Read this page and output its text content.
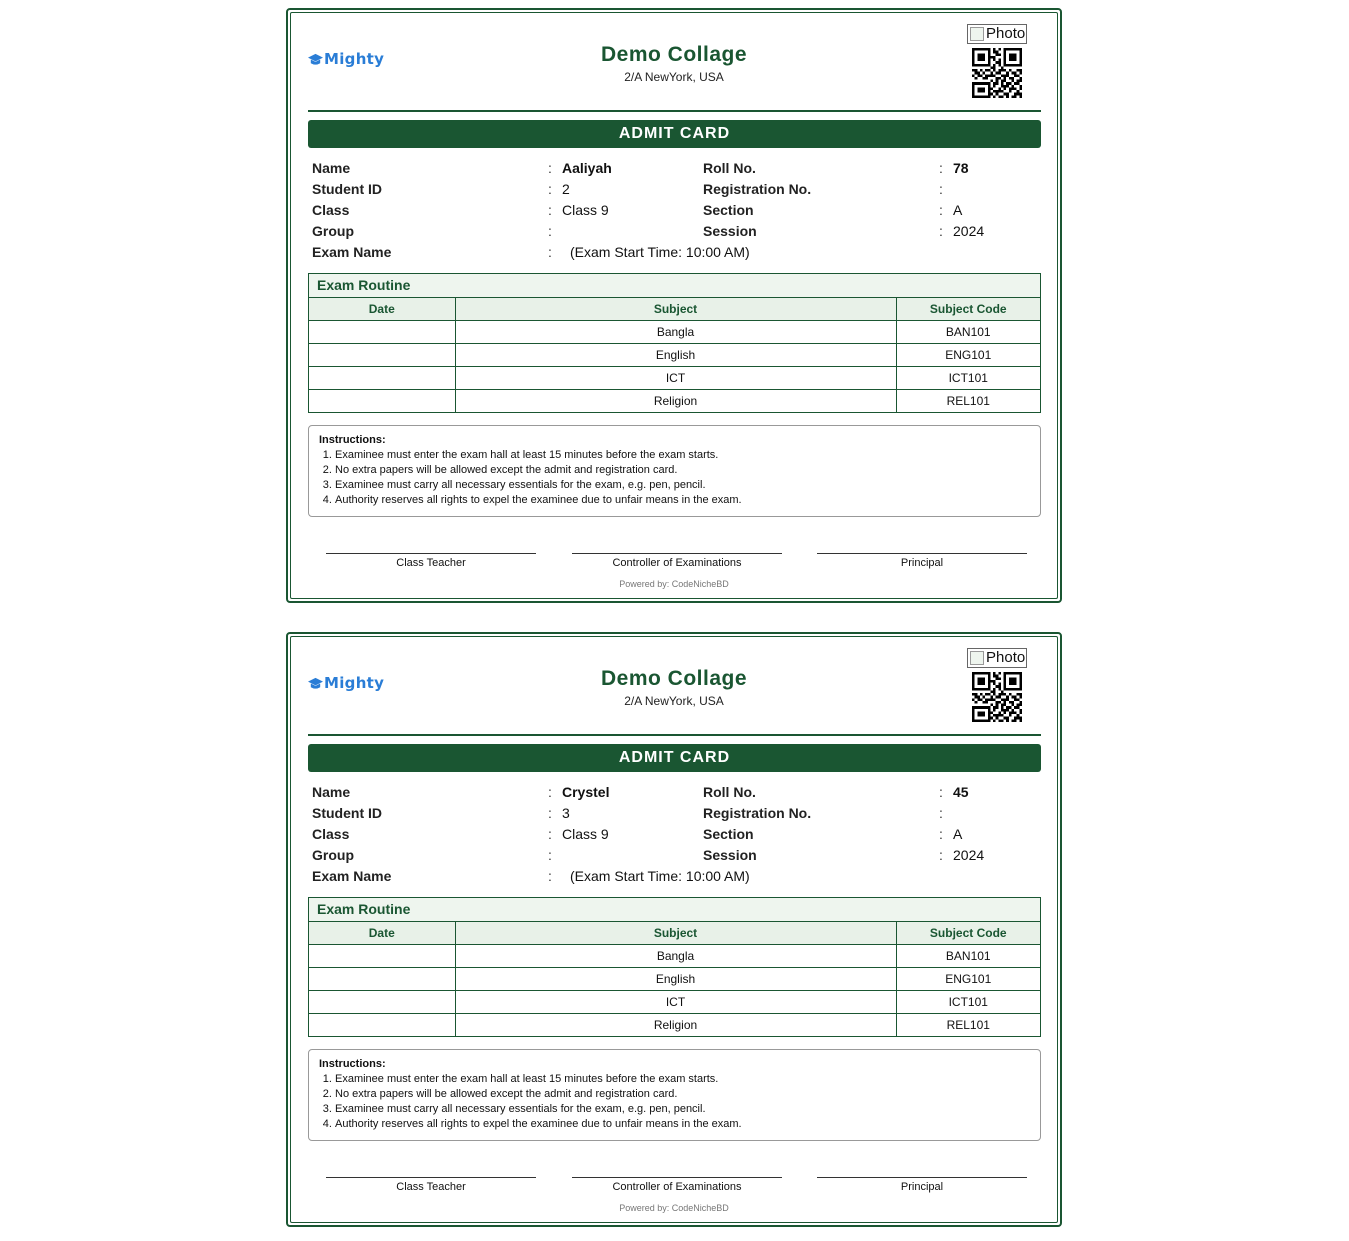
Mighty	Demo Collage
2/A NewYork, USA
Photo
ADMIT CARD
Name	: Aaliyah	Roll No.	: 78
Student ID	: 2	Registration No.	:
Class	: Class 9	Section	: A
Group	:	Session	: 2024
Exam Name	: (Exam Start Time: 10:00 AM)
Exam Routine
Date	Subject	Subject Code
	Bangla	BAN101
	English	ENG101
	ICT	ICT101
	Religion	REL101
Instructions:
1. Examinee must enter the exam hall at least 15 minutes before the exam starts.
2. No extra papers will be allowed except the admit and registration card.
3. Examinee must carry all necessary essentials for the exam, e.g. pen, pencil.
4. Authority reserves all rights to expel the examinee due to unfair means in the exam.
Class Teacher	Controller of Examinations	Principal
Powered by: CodeNicheBD
Mighty	Demo Collage
2/A NewYork, USA
Photo
ADMIT CARD
Name	: Crystel	Roll No.	: 45
Student ID	: 3	Registration No.	:
Class	: Class 9	Section	: A
Group	:	Session	: 2024
Exam Name	: (Exam Start Time: 10:00 AM)
Exam Routine
Date	Subject	Subject Code
	Bangla	BAN101
	English	ENG101
	ICT	ICT101
	Religion	REL101
Instructions:
1. Examinee must enter the exam hall at least 15 minutes before the exam starts.
2. No extra papers will be allowed except the admit and registration card.
3. Examinee must carry all necessary essentials for the exam, e.g. pen, pencil.
4. Authority reserves all rights to expel the examinee due to unfair means in the exam.
Class Teacher	Controller of Examinations	Principal
Powered by: CodeNicheBD
